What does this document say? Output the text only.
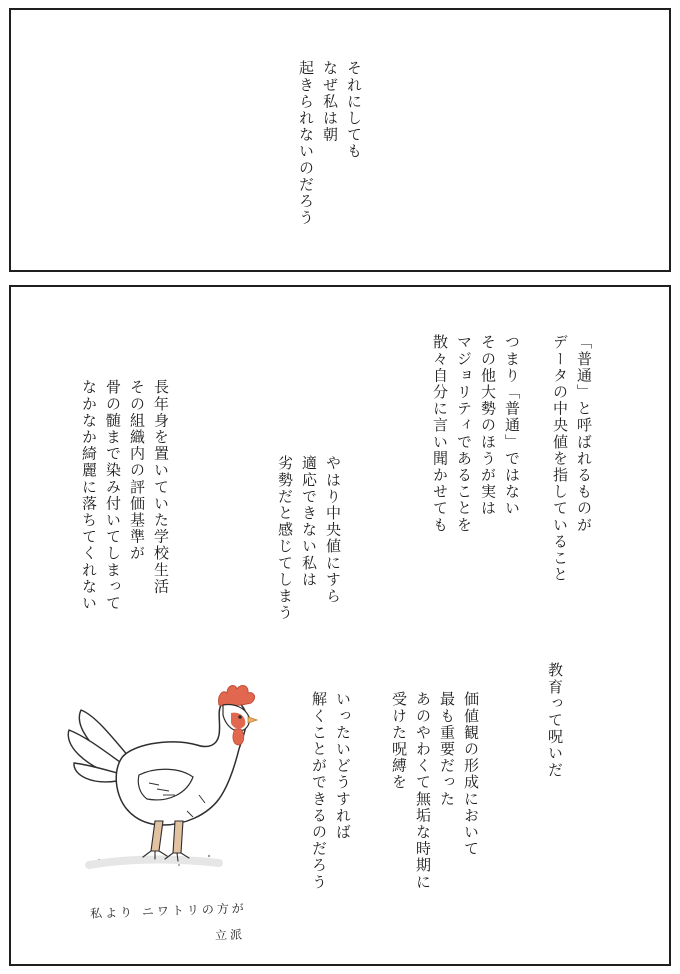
それにしても
なぜ私は朝
起きられないのだろう
「普通」と呼ばれるものが
データの中央値を指していること

つまり「普通」ではない
その他大勢のほうが実は
マジョリティであることを
散々自分に言い聞かせても
やはり中央値にすら
適応できない私は
劣勢だと感じてしまう
長年身を置いていた学校生活
その組織内の評価基準が
骨の髄まで染み付いてしまって
なかなか綺麗に落ちてくれない
教育って呪いだ
価値観の形成において
最も重要だった
あのやわくて無垢な時期に
受けた呪縛を
いったいどうすれば
解くことができるのだろう
私より ニワトリの方が
立派
